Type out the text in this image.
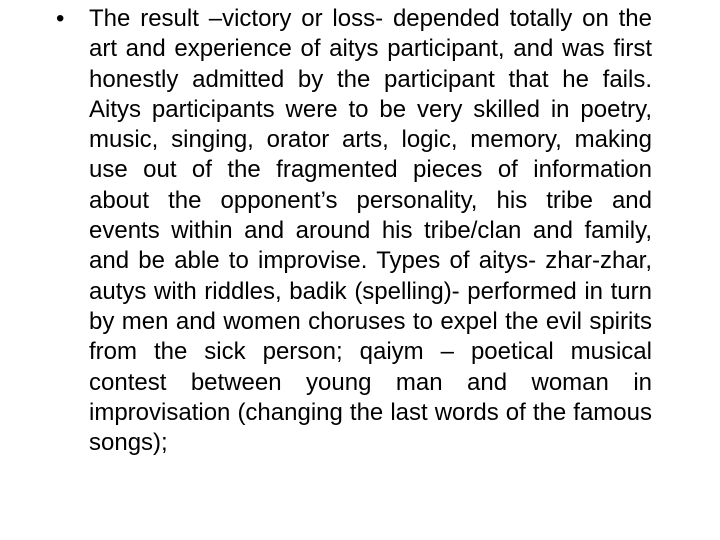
• The result –victory or loss- depended totally on the art and experience of aitys participant, and was first honestly admitted by the participant that he fails. Aitys participants were to be very skilled in poetry, music, singing, orator arts, logic, memory, making use out of the fragmented pieces of information about the opponent’s personality, his tribe and events within and around his tribe/clan and family, and be able to improvise. Types of aitys- zhar-zhar, autys with riddles, badik (spelling)- performed in turn by men and women choruses to expel the evil spirits from the sick person; qaiym – poetical musical contest between young man and woman in improvisation (changing the last words of the famous songs);
